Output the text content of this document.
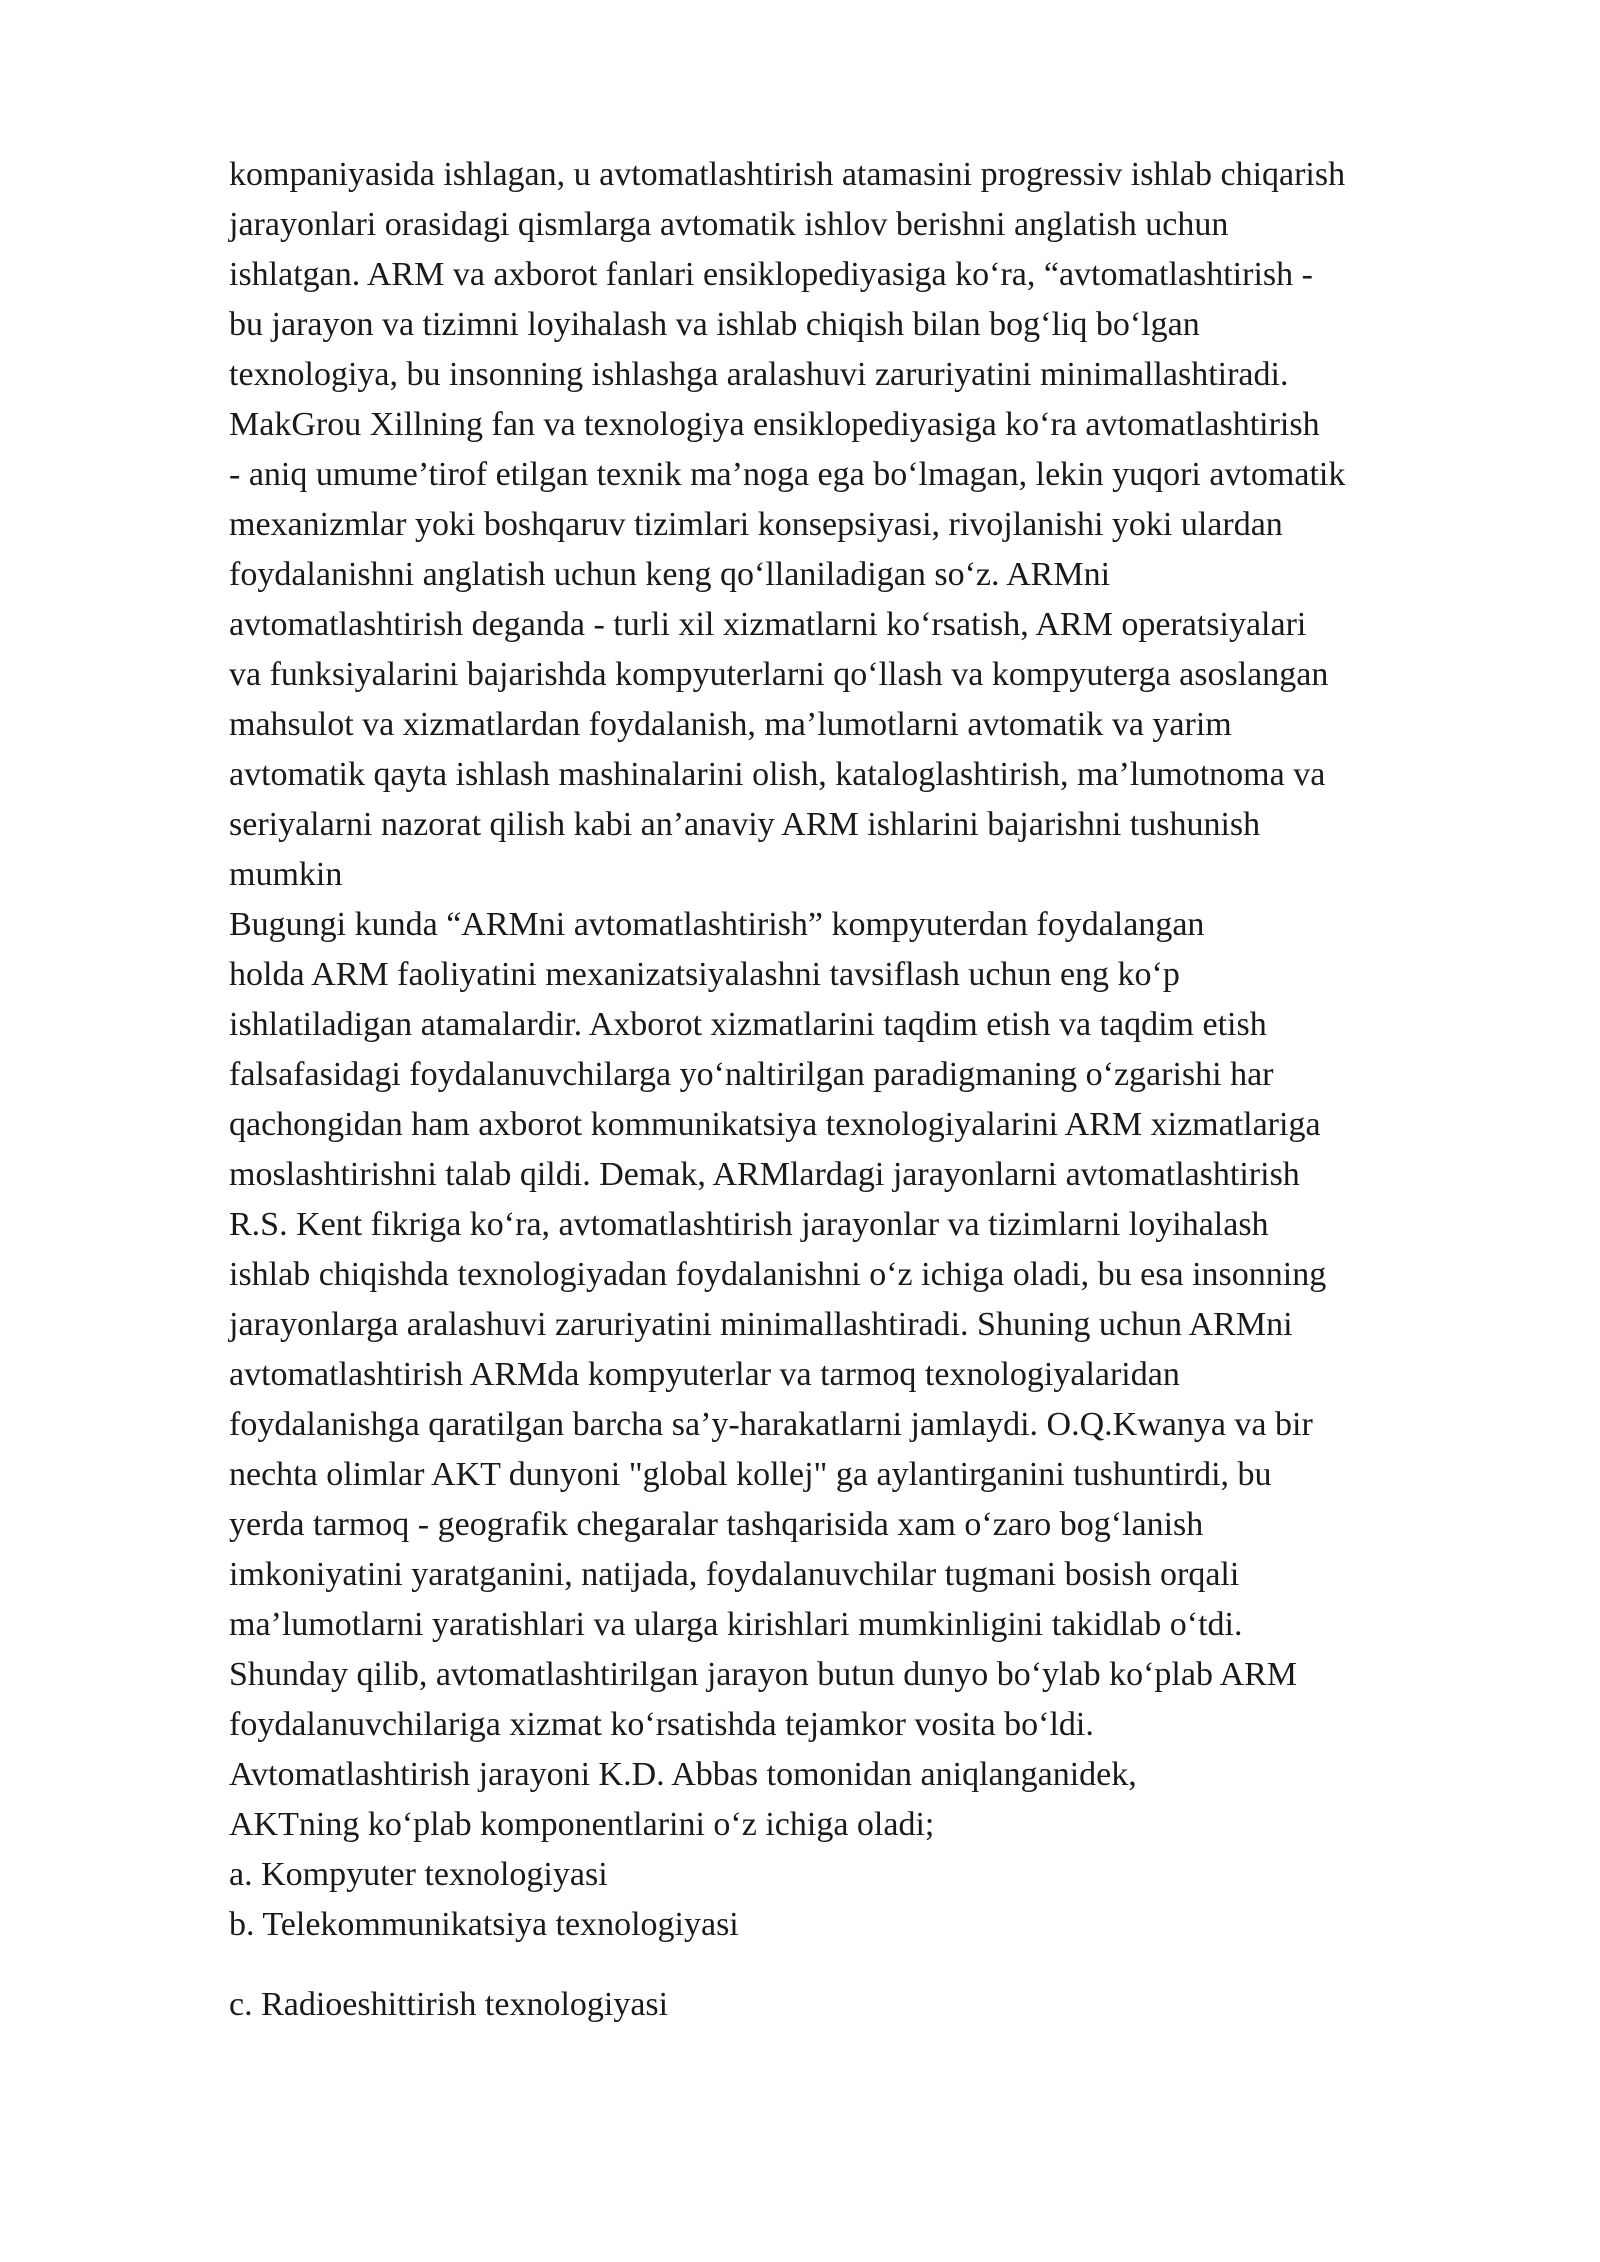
kompaniyasida ishlagan, u avtomatlashtirish atamasini progressiv ishlab chiqarish
jarayonlari orasidagi qismlarga avtomatik ishlov berishni anglatish uchun
ishlatgan. ARM va axborot fanlari ensiklopediyasiga ko‘ra, “avtomatlashtirish -
bu jarayon va tizimni loyihalash va ishlab chiqish bilan bog‘liq bo‘lgan
texnologiya, bu insonning ishlashga aralashuvi zaruriyatini minimallashtiradi.
MakGrou Xillning fan va texnologiya ensiklopediyasiga ko‘ra avtomatlashtirish
- aniq umume’tirof etilgan texnik ma’noga ega bo‘lmagan, lekin yuqori avtomatik
mexanizmlar yoki boshqaruv tizimlari konsepsiyasi, rivojlanishi yoki ulardan
foydalanishni anglatish uchun keng qo‘llaniladigan so‘z. ARMni
avtomatlashtirish deganda - turli xil xizmatlarni ko‘rsatish, ARM operatsiyalari
va funksiyalarini bajarishda kompyuterlarni qo‘llash va kompyuterga asoslangan
mahsulot va xizmatlardan foydalanish, ma’lumotlarni avtomatik va yarim
avtomatik qayta ishlash mashinalarini olish, kataloglashtirish, ma’lumotnoma va
seriyalarni nazorat qilish kabi an’anaviy ARM ishlarini bajarishni tushunish
mumkin
Bugungi kunda “ARMni avtomatlashtirish” kompyuterdan foydalangan
holda ARM faoliyatini mexanizatsiyalashni tavsiflash uchun eng ko‘p
ishlatiladigan atamalardir. Axborot xizmatlarini taqdim etish va taqdim etish
falsafasidagi foydalanuvchilarga yo‘naltirilgan paradigmaning o‘zgarishi har
qachongidan ham axborot kommunikatsiya texnologiyalarini ARM xizmatlariga
moslashtirishni talab qildi. Demak, ARMlardagi jarayonlarni avtomatlashtirish
R.S. Kent fikriga ko‘ra, avtomatlashtirish jarayonlar va tizimlarni loyihalash
ishlab chiqishda texnologiyadan foydalanishni o‘z ichiga oladi, bu esa insonning
jarayonlarga aralashuvi zaruriyatini minimallashtiradi. Shuning uchun ARMni
avtomatlashtirish ARMda kompyuterlar va tarmoq texnologiyalaridan
foydalanishga qaratilgan barcha sa’y-harakatlarni jamlaydi. O.Q.Kwanya va bir
nechta olimlar AKT dunyoni "global kollej" ga aylantirganini tushuntirdi, bu
yerda tarmoq - geografik chegaralar tashqarisida xam o‘zaro bog‘lanish
imkoniyatini yaratganini, natijada, foydalanuvchilar tugmani bosish orqali
ma’lumotlarni yaratishlari va ularga kirishlari mumkinligini takidlab o‘tdi.
Shunday qilib, avtomatlashtirilgan jarayon butun dunyo bo‘ylab ko‘plab ARM
foydalanuvchilariga xizmat ko‘rsatishda tejamkor vosita bo‘ldi.
Avtomatlashtirish jarayoni K.D. Abbas tomonidan aniqlanganidek,
AKTning ko‘plab komponentlarini o‘z ichiga oladi;
a. Kompyuter texnologiyasi
b. Telekommunikatsiya texnologiyasi
c. Radioeshittirish texnologiyasi
